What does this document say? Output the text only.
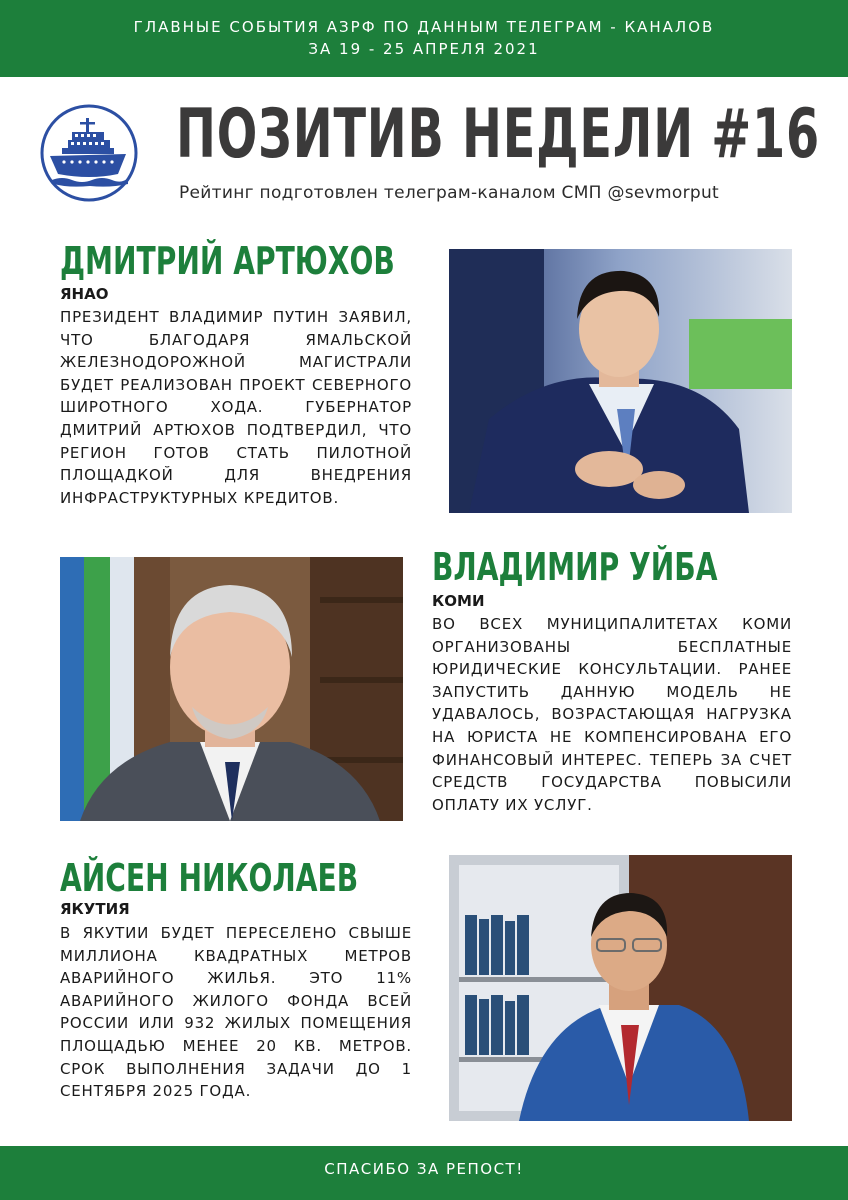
ГЛАВНЫЕ СОБЫТИЯ АЗРФ ПО ДАННЫМ ТЕЛЕГРАМ - КАНАЛОВ
ЗА 19 - 25 АПРЕЛЯ 2021
ПОЗИТИВ НЕДЕЛИ #16
Рейтинг подготовлен телеграм-каналом СМП @sevmorput
ДМИТРИЙ АРТЮХОВ
ЯНАО
ПРЕЗИДЕНТ ВЛАДИМИР ПУТИН ЗАЯВИЛ, ЧТО БЛАГОДАРЯ ЯМАЛЬСКОЙ ЖЕЛЕЗНОДОРОЖНОЙ МАГИСТРАЛИ БУДЕТ РЕАЛИЗОВАН ПРОЕКТ СЕВЕРНОГО ШИРОТНОГО ХОДА. ГУБЕРНАТОР ДМИТРИЙ АРТЮХОВ ПОДТВЕРДИЛ, ЧТО РЕГИОН ГОТОВ СТАТЬ ПИЛОТНОЙ ПЛОЩАДКОЙ ДЛЯ ВНЕДРЕНИЯ ИНФРАСТРУКТУРНЫХ КРЕДИТОВ.
ВЛАДИМИР УЙБА
КОМИ
ВО ВСЕХ МУНИЦИПАЛИТЕТАХ КОМИ ОРГАНИЗОВАНЫ БЕСПЛАТНЫЕ ЮРИДИЧЕСКИЕ КОНСУЛЬТАЦИИ. РАНЕЕ ЗАПУСТИТЬ ДАННУЮ МОДЕЛЬ НЕ УДАВАЛОСЬ, ВОЗРАСТАЮЩАЯ НАГРУЗКА НА ЮРИСТА НЕ КОМПЕНСИРОВАНА ЕГО ФИНАНСОВЫЙ ИНТЕРЕС. ТЕПЕРЬ ЗА СЧЕТ СРЕДСТВ ГОСУДАРСТВА ПОВЫСИЛИ ОПЛАТУ ИХ УСЛУГ.
АЙСЕН НИКОЛАЕВ
ЯКУТИЯ
В ЯКУТИИ БУДЕТ ПЕРЕСЕЛЕНО СВЫШЕ МИЛЛИОНА КВАДРАТНЫХ МЕТРОВ АВАРИЙНОГО ЖИЛЬЯ. ЭТО 11% АВАРИЙНОГО ЖИЛОГО ФОНДА ВСЕЙ РОССИИ ИЛИ 932 ЖИЛЫХ ПОМЕЩЕНИЯ ПЛОЩАДЬЮ МЕНЕЕ 20 КВ. МЕТРОВ. СРОК ВЫПОЛНЕНИЯ ЗАДАЧИ ДО 1 СЕНТЯБРЯ 2025 ГОДА.
СПАСИБО ЗА РЕПОСТ!
